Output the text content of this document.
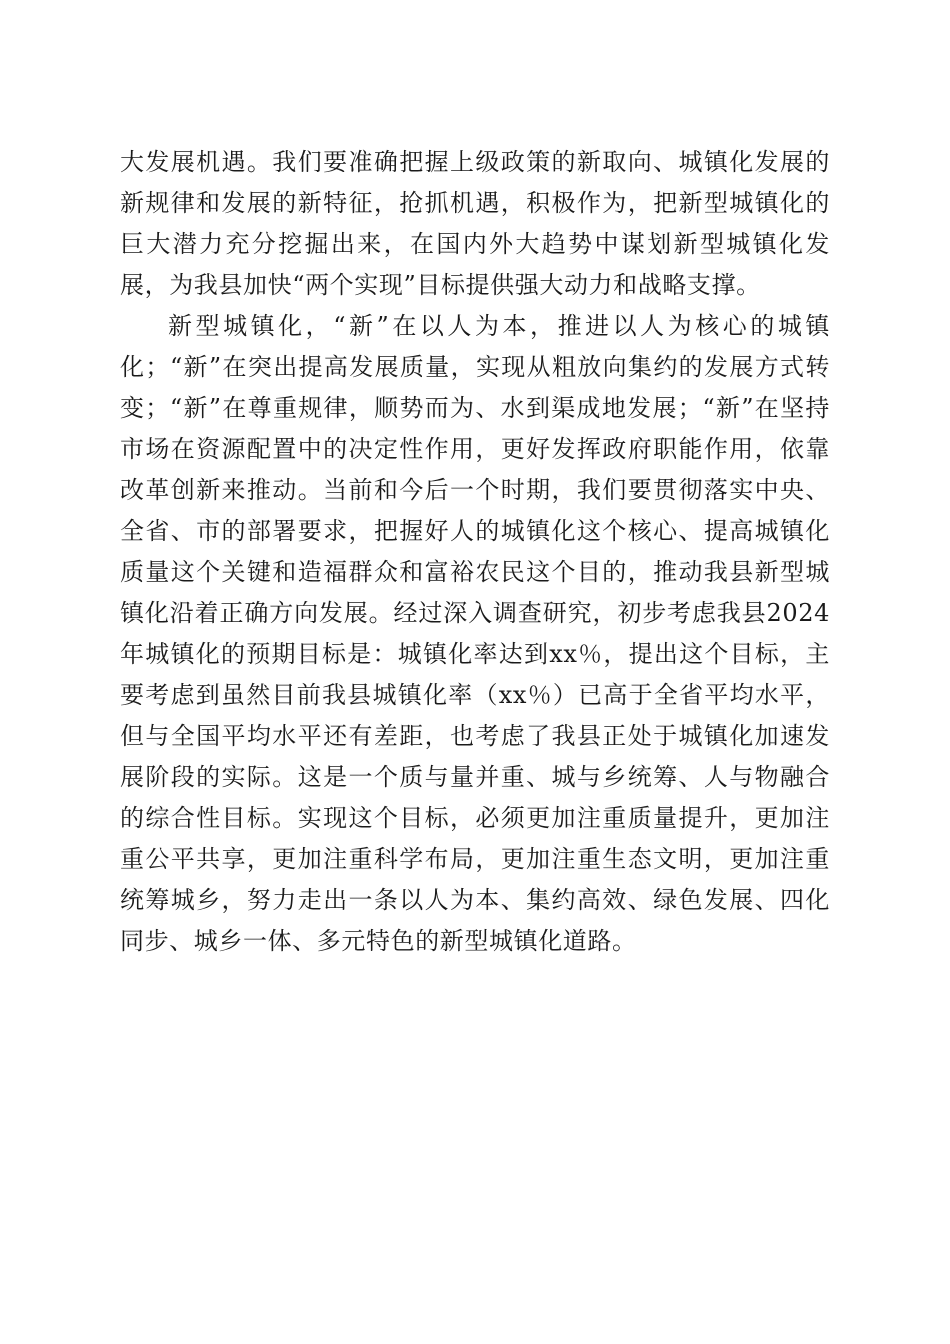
大发展机遇。我们要准确把握上级政策的新取向、城镇化发展的新规律和发展的新特征，抢抓机遇，积极作为，把新型城镇化的巨大潜力充分挖掘出来，在国内外大趋势中谋划新型城镇化发展，为我县加快“两个实现”目标提供强大动力和战略支撑。

新型城镇化，“新”在以人为本，推进以人为核心的城镇化；“新”在突出提高发展质量，实现从粗放向集约的发展方式转变；“新”在尊重规律，顺势而为、水到渠成地发展；“新”在坚持市场在资源配置中的决定性作用，更好发挥政府职能作用，依靠改革创新来推动。当前和今后一个时期，我们要贯彻落实中央、全省、市的部署要求，把握好人的城镇化这个核心、提高城镇化质量这个关键和造福群众和富裕农民这个目的，推动我县新型城镇化沿着正确方向发展。经过深入调查研究，初步考虑我县2024年城镇化的预期目标是：城镇化率达到xx％，提出这个目标，主要考虑到虽然目前我县城镇化率（xx％）已高于全省平均水平，但与全国平均水平还有差距，也考虑了我县正处于城镇化加速发展阶段的实际。这是一个质与量并重、城与乡统筹、人与物融合的综合性目标。实现这个目标，必须更加注重质量提升，更加注重公平共享，更加注重科学布局，更加注重生态文明，更加注重统筹城乡，努力走出一条以人为本、集约高效、绿色发展、四化同步、城乡一体、多元特色的新型城镇化道路。
